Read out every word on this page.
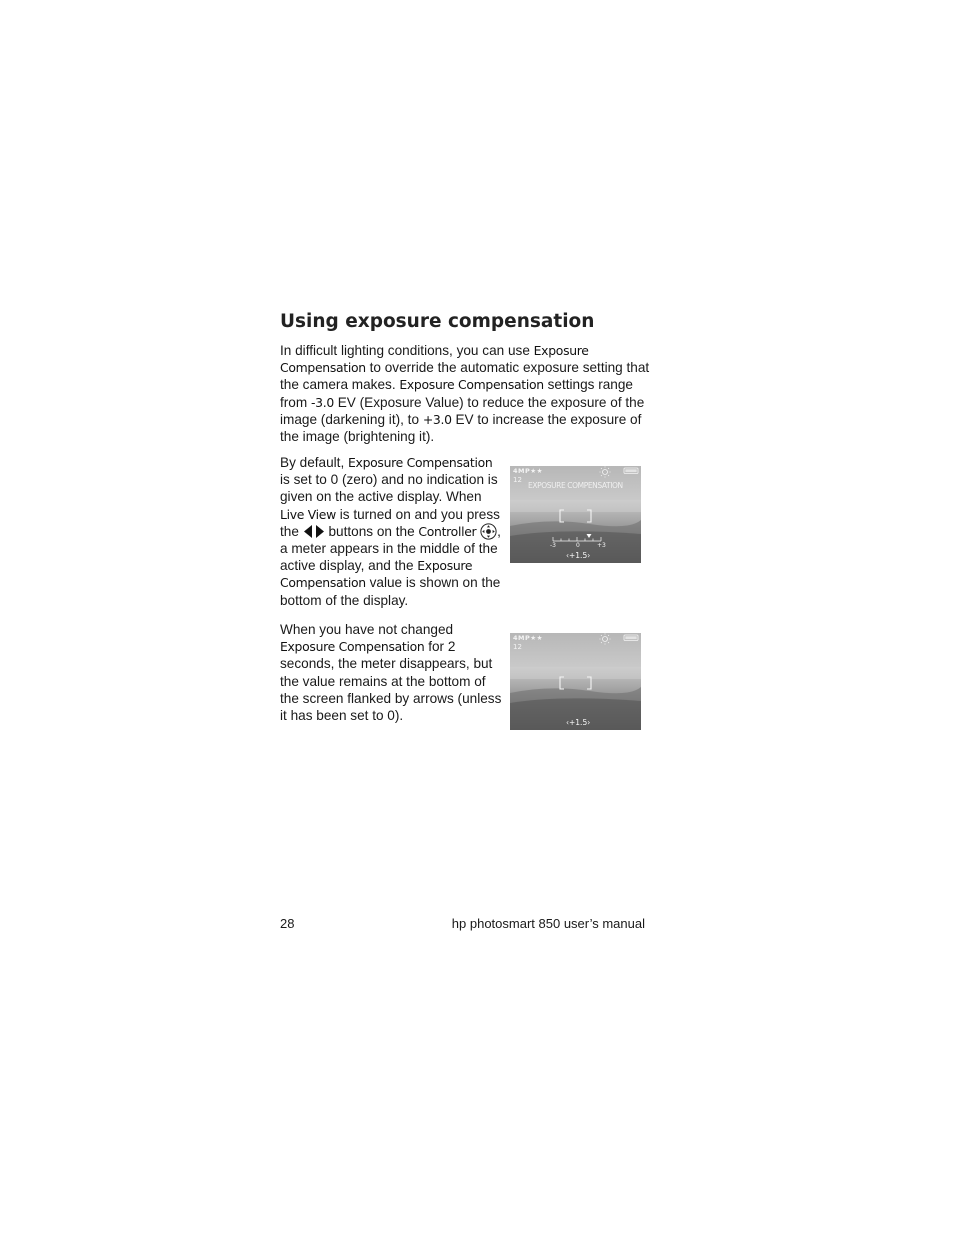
Using exposure compensation

In difficult lighting conditions, you can use Exposure Compensation to override the automatic exposure setting that the camera makes. Exposure Compensation settings range from -3.0 EV (Exposure Value) to reduce the exposure of the image (darkening it), to +3.0 EV to increase the exposure of the image (brightening it).

By default, Exposure Compensation is set to 0 (zero) and no indication is given on the active display. When Live View is turned on and you press the  buttons on the Controller , a meter appears in the middle of the active display, and the Exposure Compensation value is shown on the bottom of the display.

When you have not changed Exposure Compensation for 2 seconds, the meter disappears, but the value remains at the bottom of the screen flanked by arrows (unless it has been set to 0).

4MP★★
12
EXPOSURE COMPENSATION
-3	0	+3
‹+1.5›
4MP★★
12
‹+1.5›
28	hp photosmart 850 user’s manual
